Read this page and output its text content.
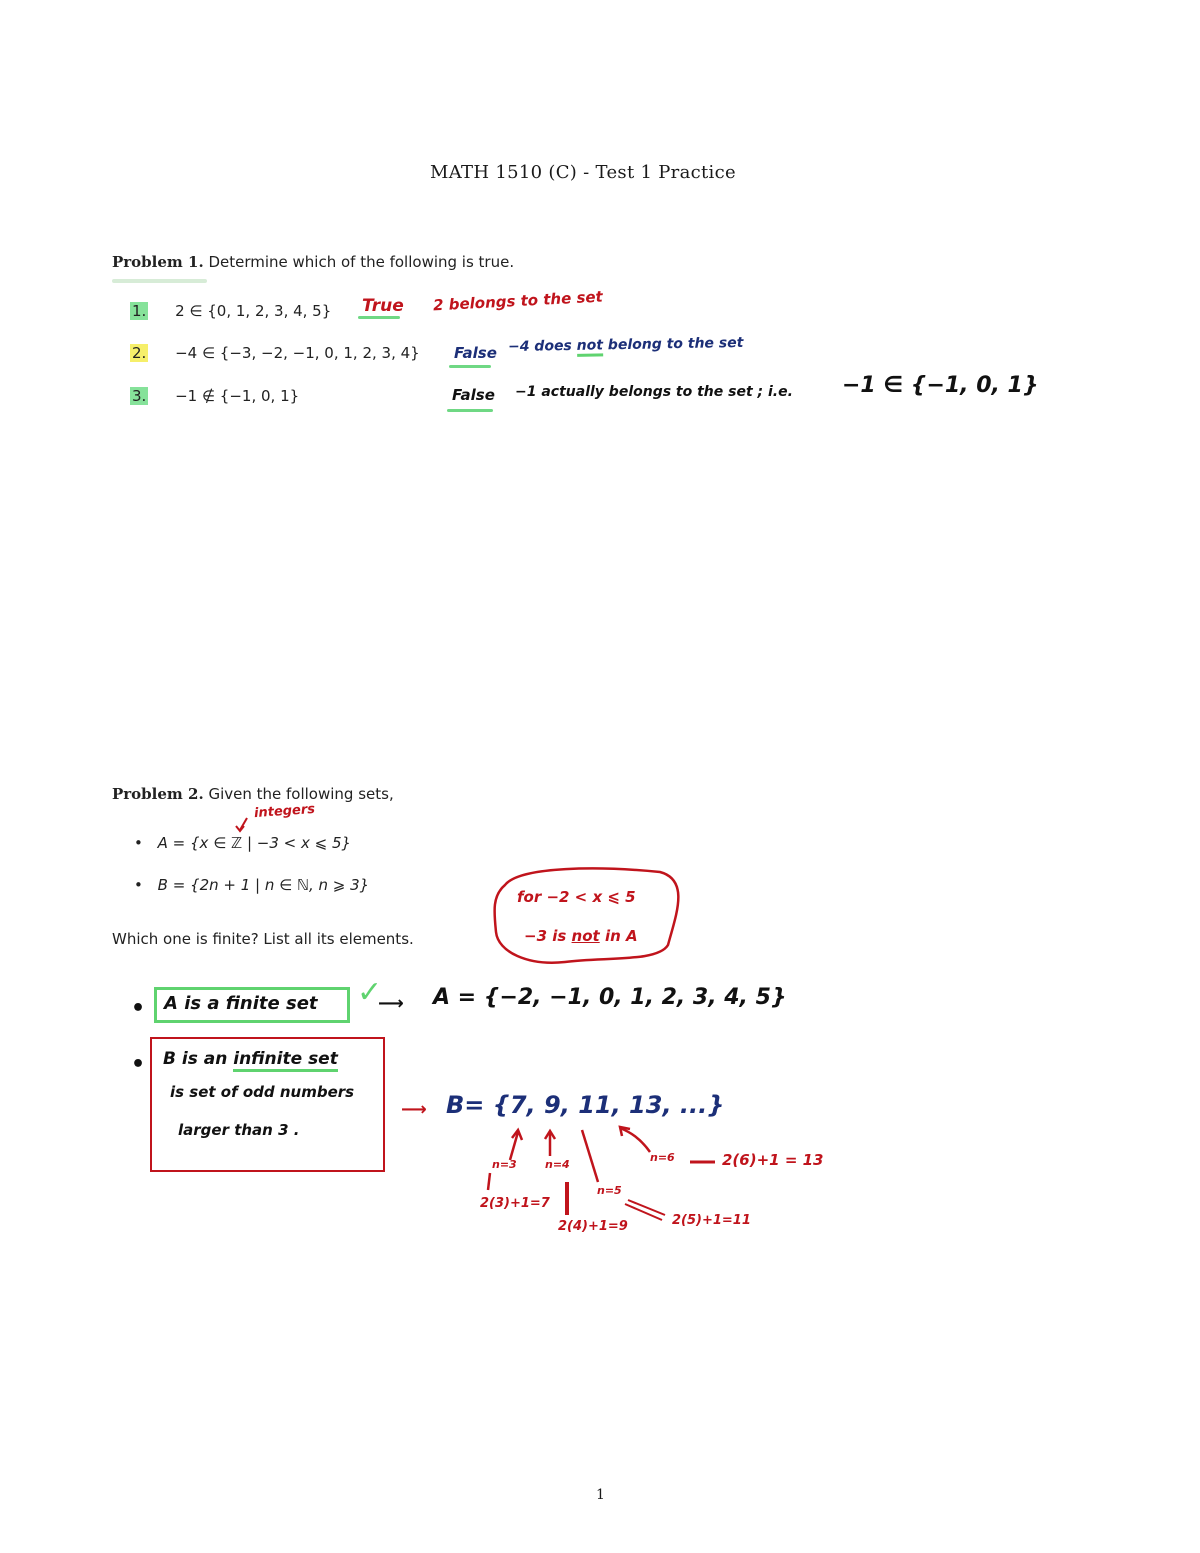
MATH 1510 (C) - Test 1 Practice
Problem 1. Determine which of the following is true.
1. 2 ∈ {0, 1, 2, 3, 4, 5} True 2 belongs to the set
2. −4 ∈ {−3, −2, −1, 0, 1, 2, 3, 4} False −4 does not belong to the set
3. −1 ∉ {−1, 0, 1}	False −1 actually belongs to the set ; i.e. −1 ∈ {−1, 0, 1}
Problem 2. Given the following sets,
integers
• A = {x ∈ ℤ | −3 < x ⩽ 5}
• B = {2n + 1 | n ∈ ℕ, n ⩾ 3}
Which one is finite? List all its elements.
for −2 < x ⩽ 5
−3 is not in A
• A is a finite set ✓
⟶ A = {−2, −1, 0, 1, 2, 3, 4, 5}
• B is an infinite set
is set of odd numbers
larger than 3 .
⟶ B= {7, 9, 11, 13, ...}
n=3	n=4
n=5
n=6
2(3)+1=7
2(4)+1=9	2(5)+1=11
2(6)+1 = 13
1
